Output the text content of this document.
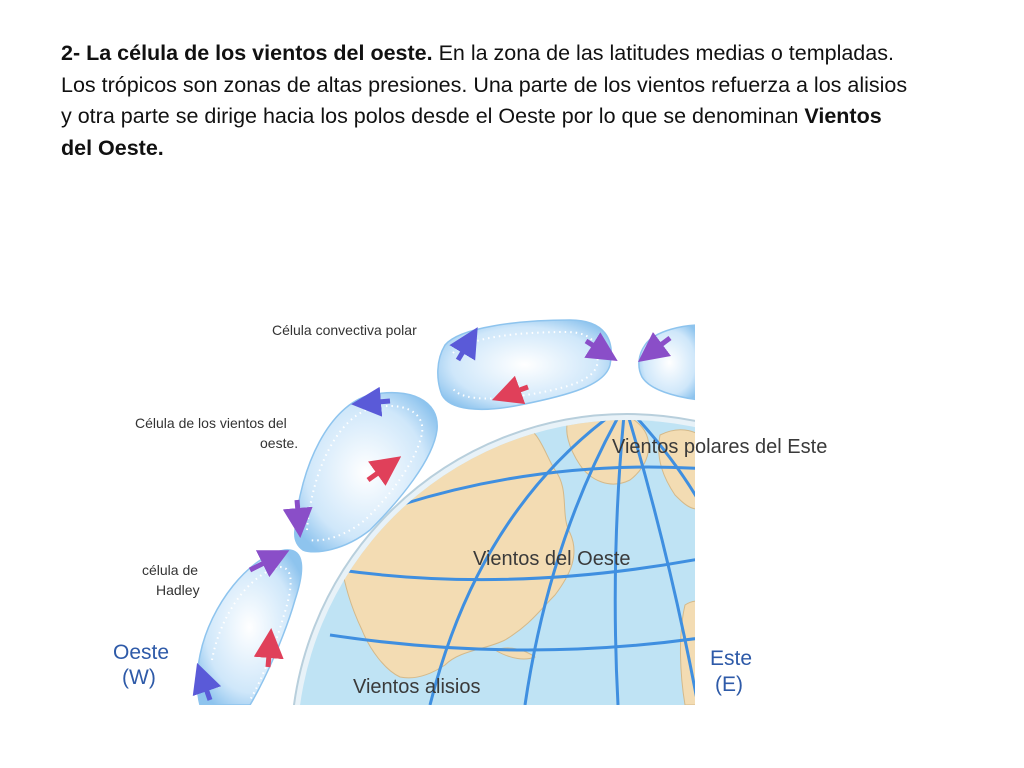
2- La célula de los vientos del oeste. En la zona de las latitudes medias o templadas. Los trópicos son zonas de altas presiones. Una parte de los vientos refuerza a los alisios y otra parte se dirige hacia los polos desde el Oeste por lo que se denominan Vientos del Oeste.
Célula convectiva polar
Célula de los vientos del
oeste.
célula de
Hadley
Vientos polares del Este
Vientos del Oeste
Vientos alisios
Oeste
(W)
Este
(E)
